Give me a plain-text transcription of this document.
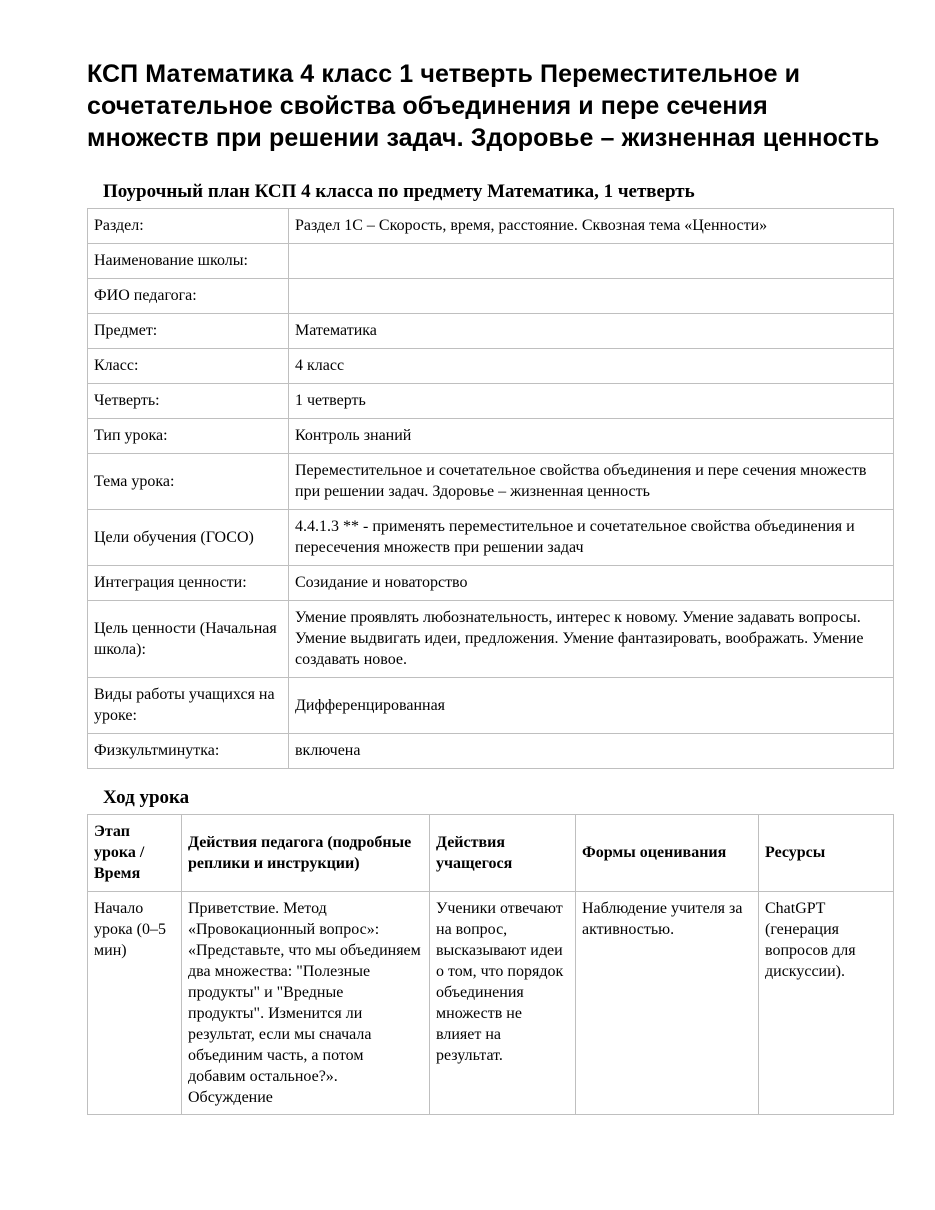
КСП Математика 4 класс 1 четверть Переместительное и сочетательное свойства объединения и пере сечения множеств при решении задач. Здоровье – жизненная ценность
Поурочный план КСП 4 класса по предмету Математика, 1 четверть
Раздел:	Раздел 1С – Скорость, время, расстояние. Сквозная тема «Ценности»
Наименование школы:	
ФИО педагога:	
Предмет:	Математика
Класс:	4 класс
Четверть:	1 четверть
Тип урока:	Контроль знаний
Тема урока:	Переместительное и сочетательное свойства объединения и пере сечения множеств при решении задач. Здоровье – жизненная ценность
Цели обучения (ГОСО)	4.4.1.3 ** - применять переместительное и сочетательное свойства объединения и пересечения множеств при решении задач
Интеграция ценности:	Созидание и новаторство
Цель ценности (Начальная школа):	Умение проявлять любознательность, интерес к новому. Умение задавать вопросы. Умение выдвигать идеи, предложения. Умение фантазировать, воображать. Умение создавать новое.
Виды работы учащихся на уроке:	Дифференцированная
Физкультминутка:	включена
Ход урока
Этап урока / Время	Действия педагога (подробные реплики и инструкции)	Действия учащегося	Формы оценивания	Ресурсы
Начало урока (0–5 мин)	Приветствие. Метод «Провокационный вопрос»: «Представьте, что мы объединяем два множества: "Полезные продукты" и "Вредные продукты". Изменится ли результат, если мы сначала объединим часть, а потом добавим остальное?». Обсуждение	Ученики отвечают на вопрос, высказывают идеи о том, что порядок объединения множеств не влияет на результат.	Наблюдение учителя за активностью.	ChatGPT (генерация вопросов для дискуссии).
